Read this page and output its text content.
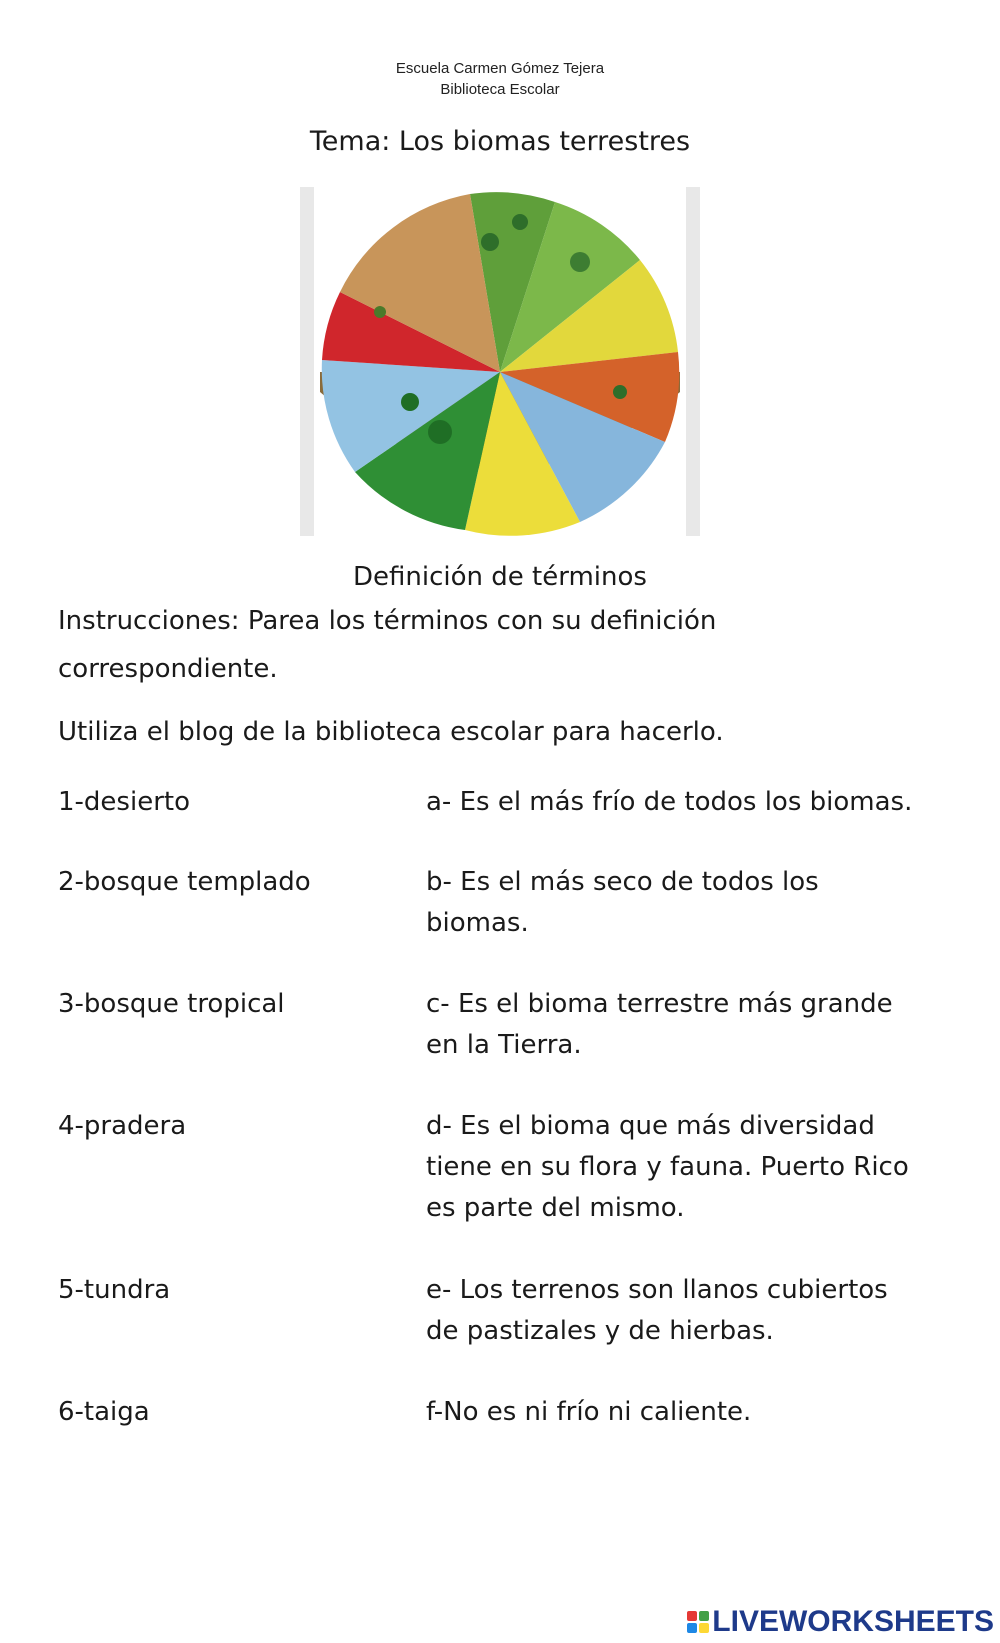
Escuela Carmen Gómez Tejera
Biblioteca Escolar
Tema: Los biomas terrestres
Definición de términos
Instrucciones: Parea los términos con su definición
correspondiente.
Utiliza el blog de la biblioteca escolar para hacerlo.
1-desierto	a- Es el más frío de todos los biomas.
2-bosque templado	b- Es el más seco de todos los
biomas.
3-bosque tropical	c- Es el bioma terrestre más grande
en la Tierra.
4-pradera	d- Es el bioma que más diversidad
tiene en su flora y fauna. Puerto Rico
es parte del mismo.
5-tundra	e- Los terrenos son llanos cubiertos
de pastizales y de hierbas.
6-taiga	f-No es ni frío ni caliente.
LIVEWORKSHEETS
